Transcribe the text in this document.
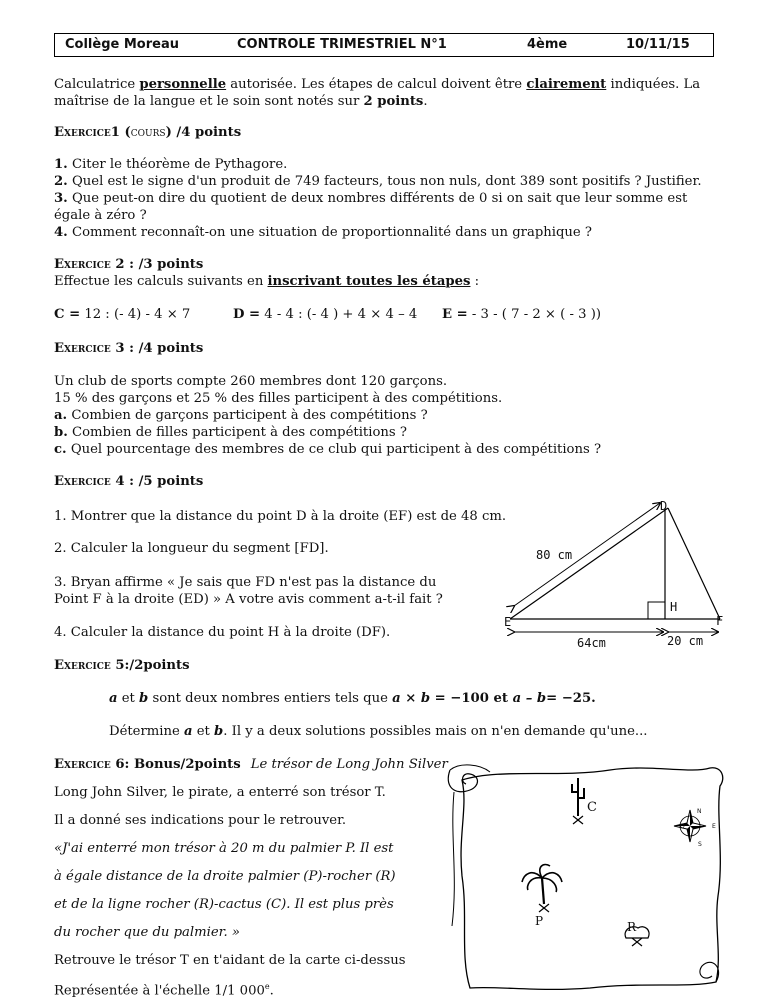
Collège Moreau	CONTROLE TRIMESTRIEL N°1	4ème	10/11/15
Calculatrice personnelle autorisée. Les étapes de calcul doivent être clairement indiquées. La
maîtrise de la langue et le soin sont notés sur 2 points.
Exercice1 (cours) /4 points
1. Citer le théorème de Pythagore.
2. Quel est le signe d'un produit de 749 facteurs, tous non nuls, dont 389 sont positifs ? Justifier.
3. Que peut-on dire du quotient de deux nombres différents de 0 si on sait que leur somme est
égale à zéro ?
4. Comment reconnaît-on une situation de proportionnalité dans un graphique ?
Exercice 2 : /3 points
Effectue les calculs suivants en inscrivant toutes les étapes :
C = 12 : (- 4) - 4 × 7	D = 4 - 4 : (- 4 ) + 4 × 4 – 4 E = - 3 - ( 7 - 2 × ( - 3 ))
Exercice 3 : /4 points
Un club de sports compte 260 membres dont 120 garçons.
15 % des garçons et 25 % des filles participent à des compétitions.
a. Combien de garçons participent à des compétitions ?
b. Combien de filles participent à des compétitions ?
c. Quel pourcentage des membres de ce club qui participent à des compétitions ?
Exercice 4 : /5 points
1. Montrer que la distance du point D à la droite (EF) est de 48 cm.
2. Calculer la longueur du segment [FD].
3. Bryan affirme « Je sais que FD n'est pas la distance du
Point F à la droite (ED) » A votre avis comment a-t-il fait ?
4. Calculer la distance du point H à la droite (DF).
D
80 cm
H
E	F
64cm	20 cm
Exercice 5:/2points
a et b sont deux nombres entiers tels que a × b = −100 et a – b= −25.
Détermine a et b. Il y a deux solutions possibles mais on n'en demande qu'une...
Exercice 6: Bonus/2points Le trésor de Long John Silver
Long John Silver, le pirate, a enterré son trésor T.
Il a donné ses indications pour le retrouver.
«J'ai enterré mon trésor à 20 m du palmier P. Il est
à égale distance de la droite palmier (P)-rocher (R)
et de la ligne rocher (R)-cactus (C). Il est plus près
du rocher que du palmier. »
Retrouve le trésor T en t'aidant de la carte ci-dessus
Représentée à l'échelle 1/1 000e.
C
P	R
N
S
E
O
